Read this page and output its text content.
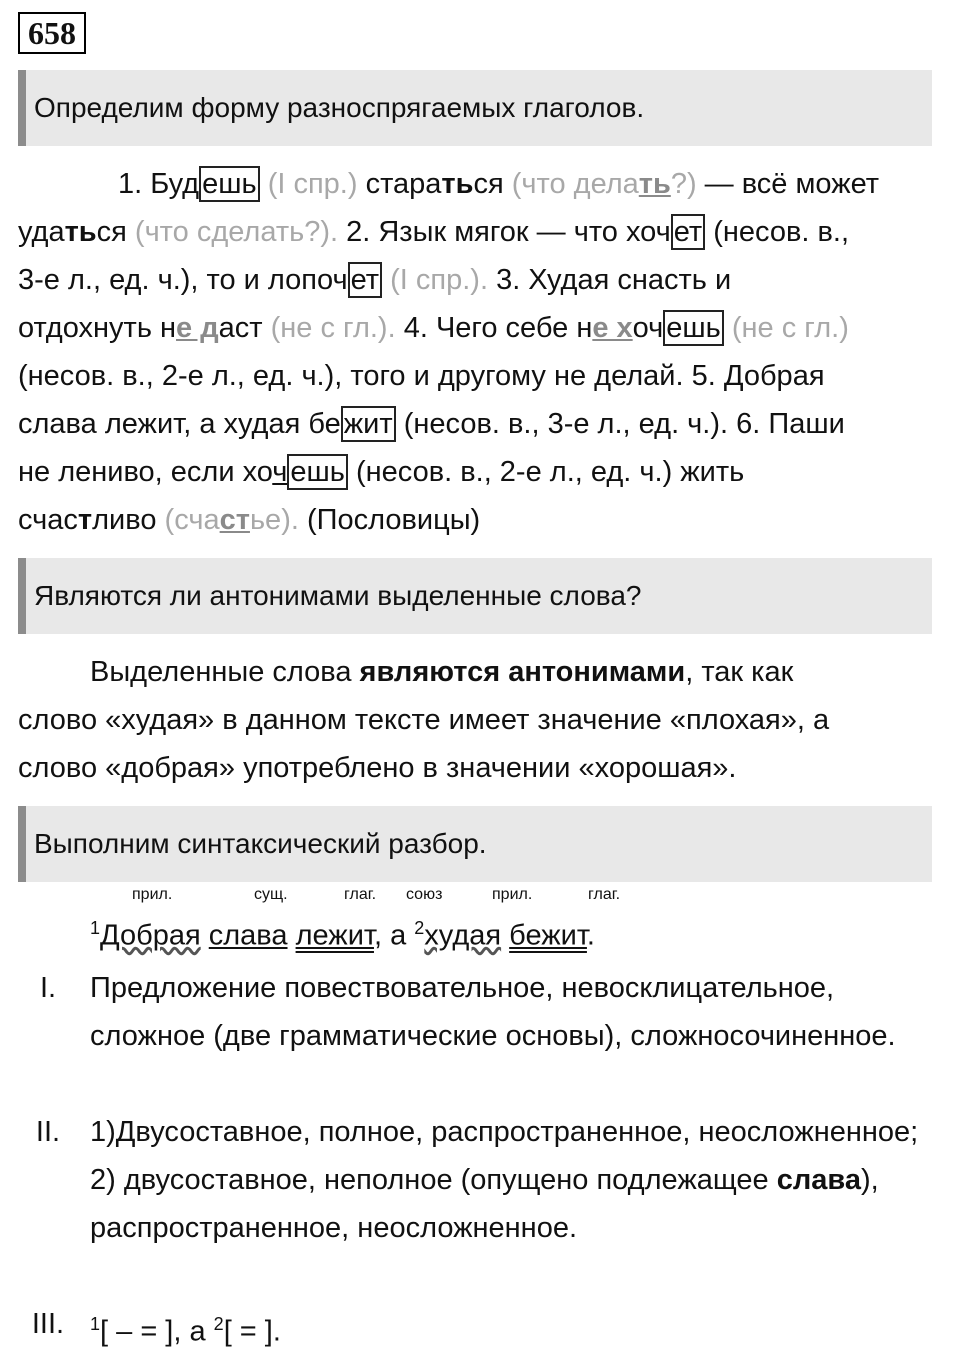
658
Определим форму разноспрягаемых глаголов.
1. Буд ешь (I спр.) стараться (что делать?) — всё может
удаться (что сделать?). 2. Язык мягок — что хоч ет (несов. в.,
3-е л., ед. ч.), то и лопоч ет (I спр.). 3. Худая снасть и
отдохнуть не даст (не с гл.). 4. Чего себе не хоч ешь (не с гл.)
(несов. в., 2-е л., ед. ч.), того и другому не делай. 5. Добрая
слава лежит, а худая бе жит (несов. в., 3-е л., ед. ч.). 6. Паши
не лениво, если хоч ешь (несов. в., 2-е л., ед. ч.) жить
счастливо (счастье). (Пословицы)
Являются ли антонимами выделенные слова?
Выделенные слова являются антонимами, так как
слово «худая» в данном тексте имеет значение «плохая», а
слово «добрая» употреблено в значении «хорошая».
Выполним синтаксический разбор.
прил.	сущ.	глаг. союз	прил.	глаг.
$^1$Добрая слава лежит, а $^2$худая бежит.
I.	Предложение повествовательное, невосклицательное, сложное (две грамматические основы), сложносочиненное.
II.	1)Двусоставное, полное, распространенное, неосложненное; 2) двусоставное, неполное (опущено подлежащее слава), распространенное, неосложненное.
III.	$^1$[ – = ], а $^2$[ = ].
